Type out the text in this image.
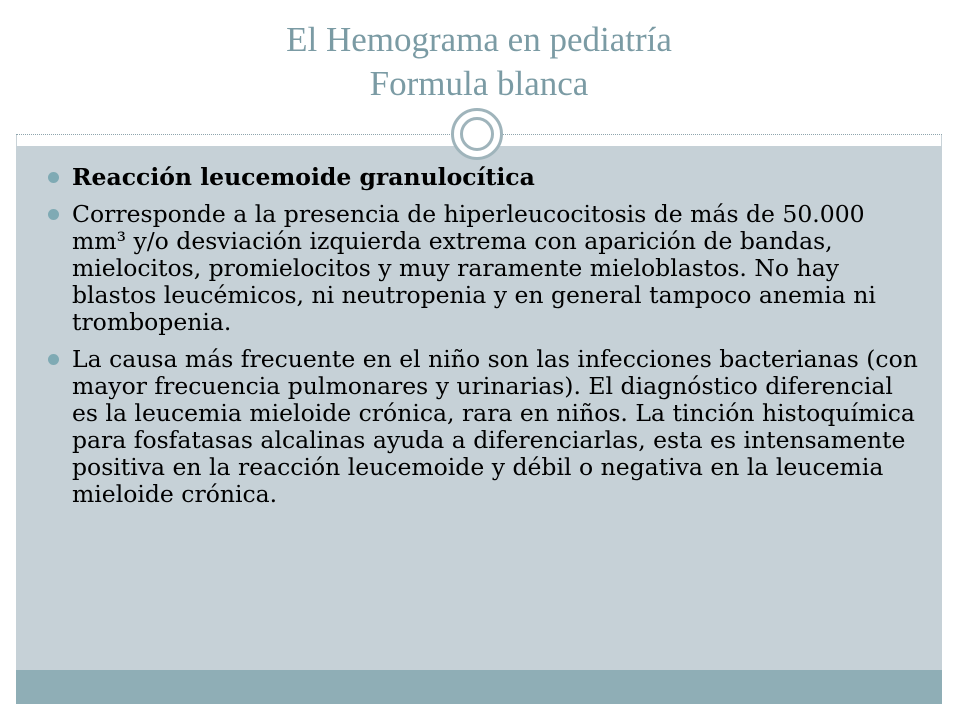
El Hemograma en pediatría
Formula blanca
Reacción leucemoide granulocítica
Corresponde a la presencia de hiperleucocitosis de más de 50.000 mm³ y/o desviación izquierda extrema con aparición de bandas, mielocitos, promielocitos y muy raramente mieloblastos. No hay blastos leucémicos, ni neutropenia y en general tampoco anemia ni trombopenia.
La causa más frecuente en el niño son las infecciones bacterianas (con mayor frecuencia pulmonares y urinarias). El diagnóstico diferencial es la leucemia mieloide crónica, rara en niños. La tinción histoquímica para fosfatasas alcalinas ayuda a diferenciarlas, esta es intensamente positiva en la reacción leucemoide y débil o negativa en la leucemia mieloide crónica.
